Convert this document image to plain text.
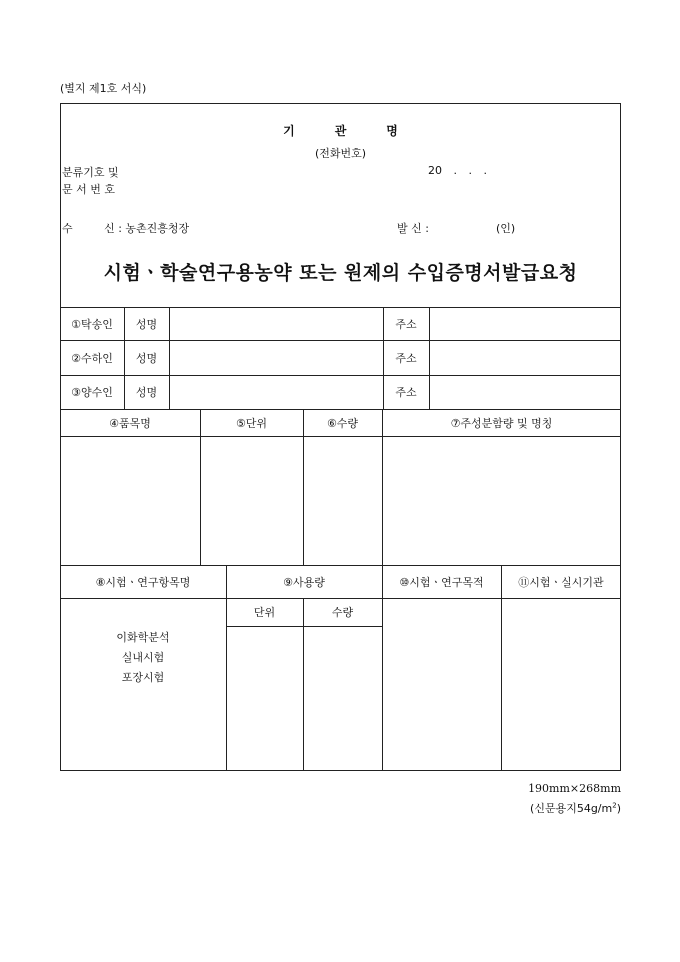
(별지 제1호 서식)
기관명
(전화번호)
분류기호 및
문 서 번 호
20 . . .
수         신 : 농촌진흥청장	발 신 :	(인)
시험ㆍ학술연구용농약 또는 원제의 수입증명서발급요청
①탁송인	성명	주소
②수하인	성명	주소
③양수인	성명	주소
④품목명	⑤단위	⑥수량	⑦주성분함량 및 명칭
⑧시험ㆍ연구항목명	⑨사용량	⑩시험ㆍ연구목적	⑪시험ㆍ실시기관
단위	수량
이화학분석
실내시험
포장시험
190mm×268mm
(신문용지$54g/m^2$)
